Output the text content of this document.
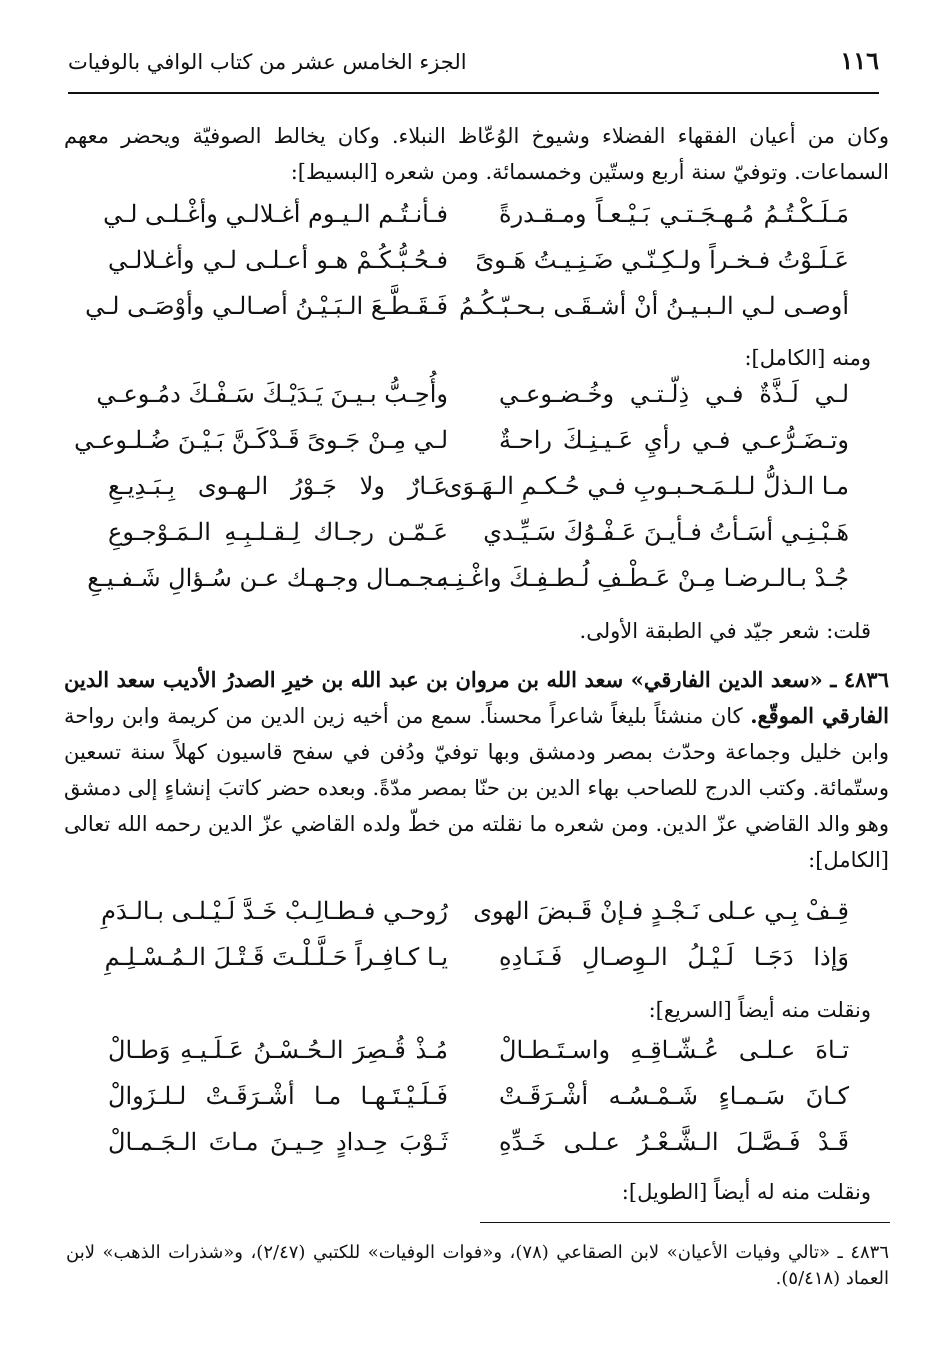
١١٦
الجزء الخامس عشر من كتاب الوافي بالوفيات
وكان من أعيان الفقهاء الفضلاء وشيوخ الوُعّاظ النبلاء. وكان يخالط الصوفيّة ويحضر معهم السماعات. وتوفيّ سنة أربع وستّين وخمسمائة. ومن شعره [البسيط]:
مَـلَـكْـتُـمُ مُـهـجَـتـي بَـيْـعـاً ومـقـدرةً
فـأنـتُـم الـيـوم أغـلالـي وأغْـلـى لـي
عَـلَـوْتُ فـخـراً ولـكِـنّـي ضَـنِـيـتُ هَـوىً
فـحُـبُّـكُـمْ هـو أعـلـى لـي وأغـلالـي
أوصـى لـي الـبـيـنُ أنْ أشـقَـى بـحـبّـكُـمُ
فَـقَـطَّـعَ الـبَـيْـنُ أصـالـي وأوْصَـى لـي
ومنه [الكامل]:
لـي لَـذَّةٌ فـي ذِلّـتـي وخُـضـوعـي
وأُحِـبُّ بـيـنَ يَـدَيْـكَ سَـفْـكَ دمُـوعـي
وتـضَـرُّعـي فـي رأيِ عَـيـنِـكَ راحـةٌ
لـي مِـنْ جَـوىً قَـدْكَـنَّ بَـيْـنَ ضُـلـوعـي
مـا الـذلُّ لـلـمَـحـبـوبِ فـي حُـكـمِ الـهَـوَى
عَـارٌ ولا جَـوْرُ الـهـوى بِـبَـدِيـعِ
هَـبْـنِـي أسَـأتُ فـأيـنَ عَـفْـوُكَ سَـيِّـدي
عَـمّـن رجـاك لِـقـلـبِـهِ الـمَـوْجـوعِ
جُـدْ بـالـرضـا مِـنْ عَـطْـفِ لُـطـفِـكَ واغْـنِـه
بـجـمـال وجـهـك عـن سُـؤالِ شَـفـيـعِ
قلت: شعر جيّد في الطبقة الأولى.
٤٨٣٦ ـ «سعد الدين الفارقي» سعد الله بن مروان بن عبد الله بن خيرِ الصدرُ الأديب سعد الدين الفارقي الموقّع. كان منشئاً بليغاً شاعراً محسناً. سمع من أخيه زين الدين من كريمة وابن رواحة وابن خليل وجماعة وحدّث بمصر ودمشق وبها توفيّ ودُفن في سفح قاسيون كهلاً سنة تسعين وستّمائة. وكتب الدرج للصاحب بهاء الدين بن حنّا بمصر مدّةً. وبعده حضر كاتبَ إنشاءٍ إلى دمشق وهو والد القاضي عزّ الدين. ومن شعره ما نقلته من خطّ ولده القاضي عزّ الدين رحمه الله تعالى [الكامل]:
قِـفْ بِـي عـلى نَـجْـدٍ فـإنْ قَـبضَ الهوى
رُوحـي فـطـالِـبْ خَـدَّ لَـيْـلـى بـالـدَمِ
وَإذا دَجَـا لَـيْـلُ الـوِصـالِ فَـنَـادِهِ
يـا كـافِـراً حَـلَّـلْـتَ قَـتْـلَ الـمُـسْـلِـمِ
ونقلت منه أيضاً [السريع]:
تـاهَ عـلـى عُـشّـاقِـهِ واسـتَـطـالْ
مُـذْ قُـصِرَ الـحُـسْـنُ عَـلَـيـهِ وَطـالْ
كـانَ سَـمـاءٍ شَـمْـسُـه أشْـرَقَـتْ
فَـلَـيْـتَـهـا مـا أشْـرَقَـتْ لـلـزَوالْ
قَـدْ فَـصَّـلَ الـشَّـعْـرُ عـلـى خَـدِّهِ
ثَـوْبَ حِـدادٍ حِـيـنَ مـاتَ الـجَـمـالْ
ونقلت منه له أيضاً [الطويل]:
٤٨٣٦ ـ «تالي وفيات الأعيان» لابن الصقاعي (٧٨)، و«فوات الوفيات» للكتبي (٢/٤٧)، و«شذرات الذهب» لابن العماد (٥/٤١٨).
